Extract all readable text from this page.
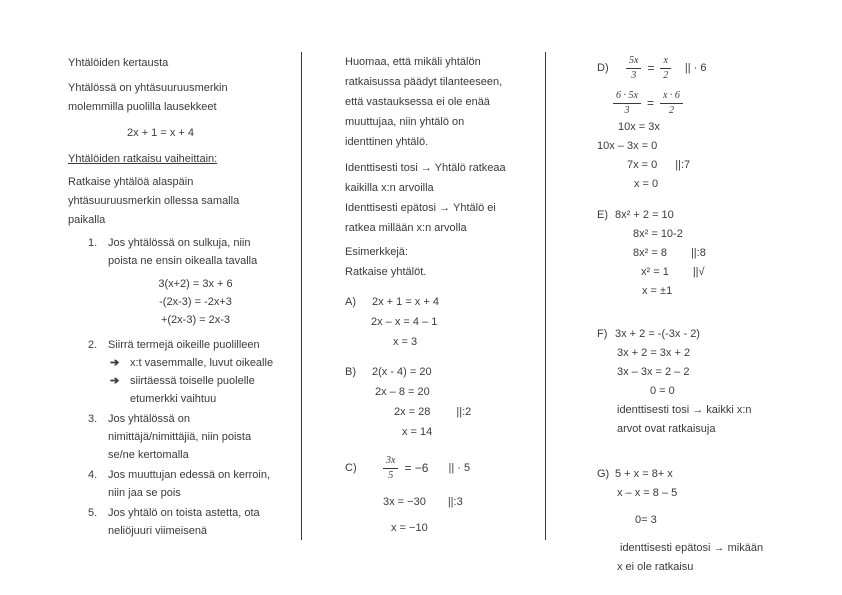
Yhtälöiden kertausta
Yhtälössä on yhtäsuuruusmerkin
molemmilla puolilla lausekkeet
2x + 1 = x + 4
Yhtälöiden ratkaisu vaiheittain:
Ratkaise yhtälöä alaspäin
yhtäsuuruusmerkin ollessa samalla
paikalla
1. Jos yhtälössä on sulkuja, niin
poista ne ensin oikealla tavalla
3(x+2) = 3x + 6
-(2x-3) = -2x+3
+(2x-3) = 2x-3
2. Siirrä termejä oikeille puolilleen
➔ x:t vasemmalle, luvut oikealle
➔ siirtäessä toiselle puolelle
etumerkki vaihtuu
3. Jos yhtälössä on
nimittäjä/nimittäjiä, niin poista
se/ne kertomalla
4. Jos muuttujan edessä on kerroin,
niin jaa se pois
5. Jos yhtälö on toista astetta, ota
neliöjuuri viimeisenä
Huomaa, että mikäli yhtälön
ratkaisussa päädyt tilanteeseen,
että vastauksessa ei ole enää
muuttujaa, niin yhtälö on
identtinen yhtälö.
Identtisesti tosi → Yhtälö ratkeaa
kaikilla x:n arvoilla
Identtisesti epätosi → Yhtälö ei
ratkea millään x:n arvolla
Esimerkkejä:
Ratkaise yhtälöt.
A)	2x + 1 = x + 4
2x – x = 4 – 1
x = 3
B)	2(x - 4) = 20
2x – 8 = 20
2x = 28 ||:2
x = 14
C)	$\frac{3x}{5} = -6$ || · 5
3x = −30 ||:3
x = −10
D)	$\frac{5x}{3} = \frac{x}{2}$ || · 6
$\frac{6 \cdot 5x}{3} = \frac{x \cdot 6}{2}$
10x = 3x
10x – 3x = 0
7x = 0 ||:7
x = 0
E) 8x² + 2 = 10
8x² = 10-2
8x² = 8 ||:8
x² = 1 ||√
x = ±1
F) 3x + 2 = -(-3x - 2)
3x + 2 = 3x + 2
3x – 3x = 2 – 2
0 = 0
identtisesti tosi → kaikki x:n
arvot ovat ratkaisuja
G) 5 + x = 8+ x
x – x = 8 – 5
0= 3
identtisesti epätosi → mikään
x ei ole ratkaisu
